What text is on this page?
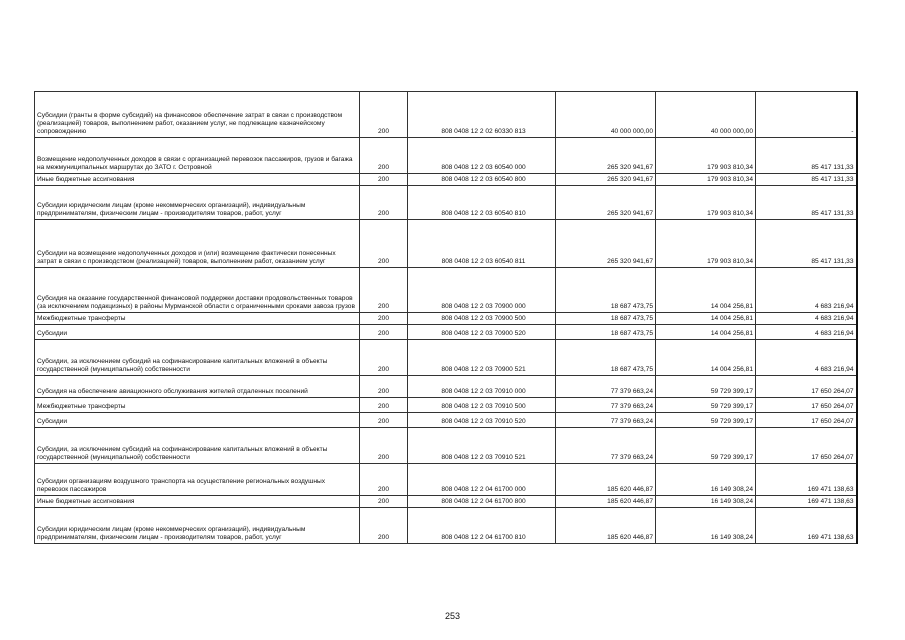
Субсидии (гранты в форме субсидий) на финансовое обеспечение затрат в связи с производством (реализацией) товаров, выполнением работ, оказанием услуг, не подлежащие казначейскому сопровождению	200	808 0408 12 2 02 60330 813	40 000 000,00	40 000 000,00	-
Возмещение недополученных доходов в связи с организацией перевозок пассажиров, грузов и багажа на межмуниципальных маршрутах до ЗАТО г. Островной	200	808 0408 12 2 03 60540 000	265 320 941,67	179 903 810,34	85 417 131,33
Иные бюджетные ассигнования	200	808 0408 12 2 03 60540 800	265 320 941,67	179 903 810,34	85 417 131,33
Субсидии юридическим лицам (кроме некоммерческих организаций), индивидуальным предпринимателям, физическим лицам - производителям товаров, работ, услуг	200	808 0408 12 2 03 60540 810	265 320 941,67	179 903 810,34	85 417 131,33
Субсидии на возмещение недополученных доходов и (или) возмещение фактически понесенных затрат в связи с производством (реализацией) товаров, выполнением работ, оказанием услуг	200	808 0408 12 2 03 60540 811	265 320 941,67	179 903 810,34	85 417 131,33
Субсидия на оказание государственной финансовой поддержки доставки продовольственных товаров (за исключением подакцизных) в районы Мурманской области с ограниченными сроками завоза грузов	200	808 0408 12 2 03 70900 000	18 687 473,75	14 004 256,81	4 683 216,94
Межбюджетные трансферты	200	808 0408 12 2 03 70900 500	18 687 473,75	14 004 256,81	4 683 216,94
Субсидии	200	808 0408 12 2 03 70900 520	18 687 473,75	14 004 256,81	4 683 216,94
Субсидии, за исключением субсидий на софинансирование капитальных вложений в объекты государственной (муниципальной) собственности	200	808 0408 12 2 03 70900 521	18 687 473,75	14 004 256,81	4 683 216,94
Субсидия на обеспечение авиационного обслуживания жителей отдаленных поселений	200	808 0408 12 2 03 70910 000	77 379 663,24	59 729 399,17	17 650 264,07
Межбюджетные трансферты	200	808 0408 12 2 03 70910 500	77 379 663,24	59 729 399,17	17 650 264,07
Субсидии	200	808 0408 12 2 03 70910 520	77 379 663,24	59 729 399,17	17 650 264,07
Субсидии, за исключением субсидий на софинансирование капитальных вложений в объекты государственной (муниципальной) собственности	200	808 0408 12 2 03 70910 521	77 379 663,24	59 729 399,17	17 650 264,07
Субсидии организациям воздушного транспорта на осуществление региональных воздушных перевозок пассажиров	200	808 0408 12 2 04 61700 000	185 620 446,87	16 149 308,24	169 471 138,63
Иные бюджетные ассигнования	200	808 0408 12 2 04 61700 800	185 620 446,87	16 149 308,24	169 471 138,63
Субсидии юридическим лицам (кроме некоммерческих организаций), индивидуальным предпринимателям, физическим лицам - производителям товаров, работ, услуг	200	808 0408 12 2 04 61700 810	185 620 446,87	16 149 308,24	169 471 138,63
253
